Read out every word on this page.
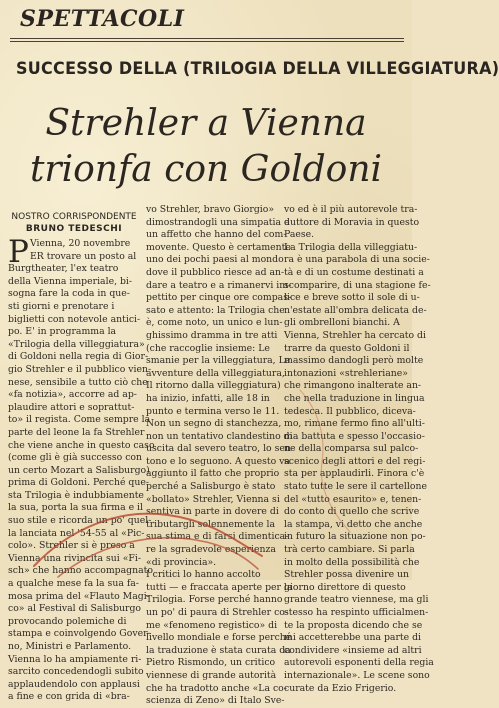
SPETTACOLI
SUCCESSO DELLA (TRILOGIA DELLA VILLEGGIATURA)
Strehler a Vienna
trionfa con Goldoni
NOSTRO CORRISPONDENTE
BRUNO TEDESCHI
P Vienna, 20 novembre
ER trovare un posto al
Burgtheater, l'ex teatro
della Vienna imperiale, bi-
sogna fare la coda in que-
sti giorni e prenotare i
biglietti con notevole antici-
po. E' in programma la
«Trilogia della villeggiatura»
di Goldoni nella regia di Gior-
gio Strehler e il pubblico vien-
nese, sensibile a tutto ciò che
«fa notizia», accorre ad ap-
plaudire attori e soprattut-
to» il regista. Come sempre la
parte del leone la fa Strehler
che viene anche in questo caso
(come gli è già successo con
un certo Mozart a Salisburgo)
prima di Goldoni. Perché que-
sta Trilogia è indubbiamente
la sua, porta la sua firma e il
suo stile e ricorda un po' quel-
la lanciata nel '54-55 al «Pic-
colo». Strehler si è preso a
Vienna una rivincita sui «Fi-
sch» che hanno accompagnato
a qualche mese fa la sua fa-
mosa prima del «Flauto Magi-
co» al Festival di Salisburgo
provocando polemiche di
stampa e coinvolgendo Gover-
no, Ministri e Parlamento.
Vienna lo ha ampiamente ri-
sarcito concedendogli subito
applaudendolo con applausi
a fine e con grida di «bra-
vo Strehler, bravo Giorgio»
dimostrandogli una simpatia e
un affetto che hanno del com-
movente. Questo è certamente
uno dei pochi paesi al mondo
dove il pubblico riesce ad an-
dare a teatro e a rimanervi im-
pettito per cinque ore compas-
sato e attento: la Trilogia che
è, come noto, un unico e lun-
ghissimo dramma in tre atti
(che raccoglie insieme: Le
smanie per la villeggiatura, Le
avventure della villeggiatura,
Il ritorno dalla villeggiatura)
ha inizio, infatti, alle 18 in
punto e termina verso le 11.
Non un segno di stanchezza,
non un tentativo clandestino di
uscita dal severo teatro, lo sen-
tono e lo seguono. A questo va
aggiunto il fatto che proprio
perché a Salisburgo è stato
«bollato» Strehler, Vienna si
sentiva in parte in dovere di
tributargli solennemente la
sua stima e di farsi dimentica-
re la sgradevole esperienza
«di provincia».
I critici lo hanno accolto
tutti — e fraccata aperte per la
Trilogia. Forse perché hanno
un po' di paura di Strehler co-
me «fenomeno registico» di
livello mondiale e forse perché
la traduzione è stata curata da
Pietro Rismondo, un critico
viennese di grande autorità
che ha tradotto anche «La co-
scienza di Zeno» di Italo Sve-
vo ed è il più autorevole tra-
duttore di Moravia in questo
Paese.
La Trilogia della villeggiatu-
ra è una parabola di una socie-
tà e di un costume destinati a
scomparire, di una stagione fe-
lice e breve sotto il sole di u-
n'estate all'ombra delicata de-
gli ombrelloni bianchi. A
Vienna, Strehler ha cercato di
trarre da questo Goldoni il
massimo dandogli però molte
intonazioni «strehleriane»
che rimangono inalterate an-
che nella traduzione in lingua
tedesca. Il pubblico, diceva-
mo, rimane fermo fino all'ulti-
ma battuta e spesso l'occasio-
ne della comparsa sul palco-
scenico degli attori e del regi-
sta per applaudirli. Finora c'è
stato tutte le sere il cartellone
del «tutto esaurito» e, tenen-
do conto di quello che scrive
la stampa, vi detto che anche
in futuro la situazione non po-
trà certo cambiare. Si parla
in molto della possibilità che
Strehler possa divenire un
giorno direttore di questo
grande teatro viennese, ma gli
stesso ha respinto ufficialmen-
te la proposta dicendo che se
mi accetterebbe una parte di
condividere «insieme ad altri
autorevoli esponenti della regia
internazionale». Le scene sono
curate da Ezio Frigerio.
